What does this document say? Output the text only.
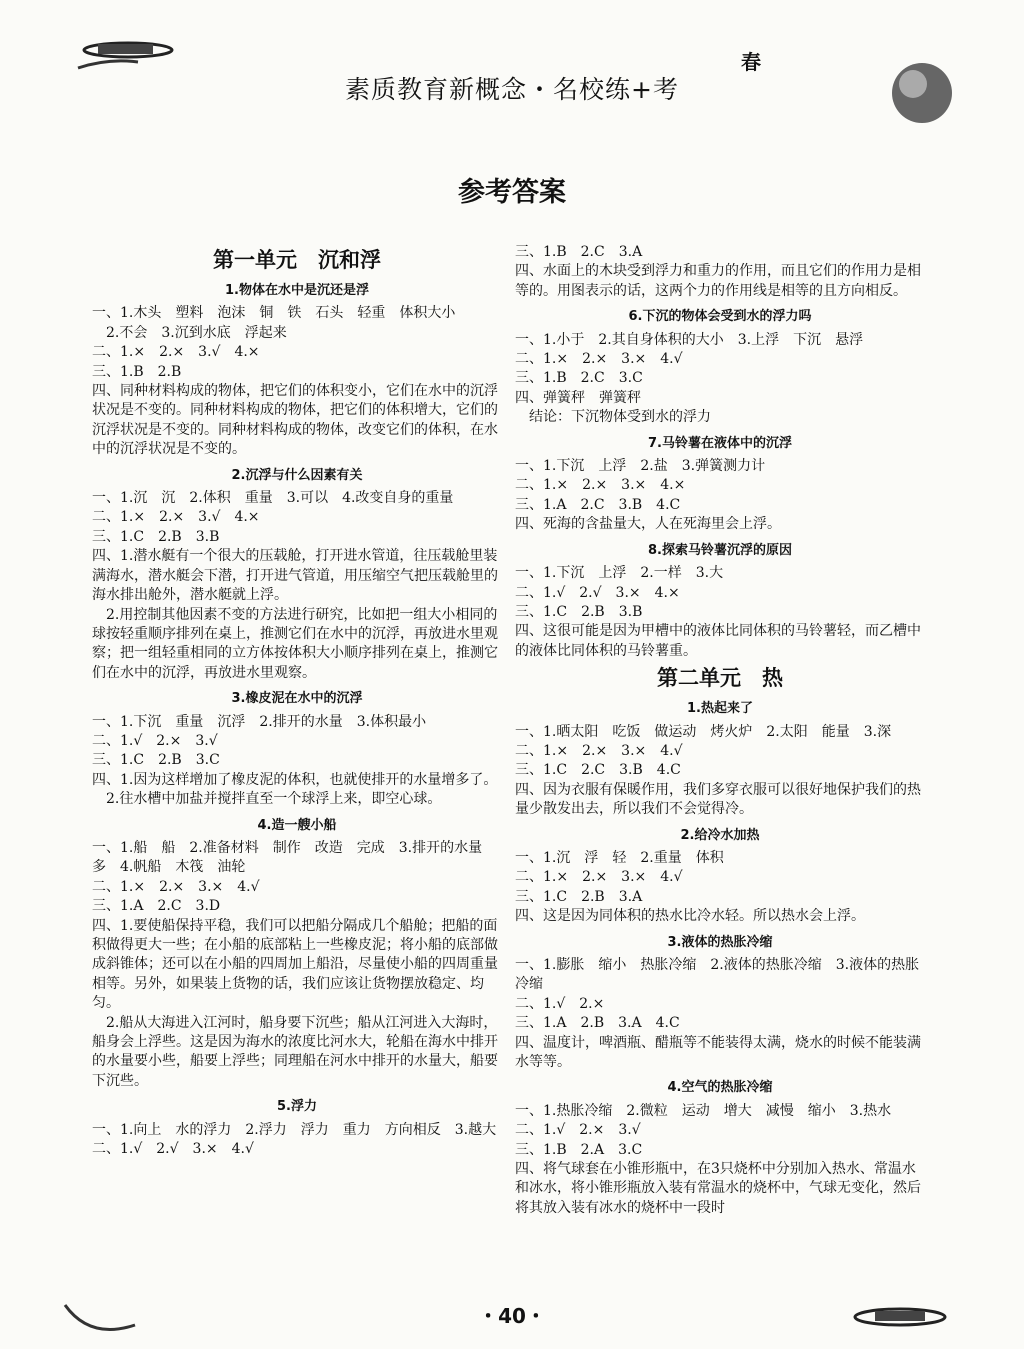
素质教育新概念・名校练+考
春
参考答案
第一单元　沉和浮
1.物体在水中是沉还是浮
一、1.木头　塑料　泡沫　铜　铁　石头　轻重　体积大小
　2.不会　3.沉到水底　浮起来
二、1.×　2.×　3.√　4.×
三、1.B　2.B
四、同种材料构成的物体，把它们的体积变小，它们在水中的沉浮状况是不变的。同种材料构成的物体，把它们的体积增大，它们的沉浮状况是不变的。同种材料构成的物体，改变它们的体积，在水中的沉浮状况是不变的。
2.沉浮与什么因素有关
一、1.沉　沉　2.体积　重量　3.可以　4.改变自身的重量
二、1.×　2.×　3.√　4.×
三、1.C　2.B　3.B
四、1.潜水艇有一个很大的压载舱，打开进水管道，往压载舱里装满海水，潜水艇会下潜，打开进气管道，用压缩空气把压载舱里的海水排出舱外，潜水艇就上浮。
　2.用控制其他因素不变的方法进行研究，比如把一组大小相同的球按轻重顺序排列在桌上，推测它们在水中的沉浮，再放进水里观察；把一组轻重相同的立方体按体积大小顺序排列在桌上，推测它们在水中的沉浮，再放进水里观察。
3.橡皮泥在水中的沉浮
一、1.下沉　重量　沉浮　2.排开的水量　3.体积最小
二、1.√　2.×　3.√
三、1.C　2.B　3.C
四、1.因为这样增加了橡皮泥的体积，也就使排开的水量增多了。
　2.往水槽中加盐并搅拌直至一个球浮上来，即空心球。
4.造一艘小船
一、1.船　船　2.准备材料　制作　改造　完成　3.排开的水量　多　4.帆船　木筏　油轮
二、1.×　2.×　3.×　4.√
三、1.A　2.C　3.D
四、1.要使船保持平稳，我们可以把船分隔成几个船舱；把船的面积做得更大一些；在小船的底部粘上一些橡皮泥；将小船的底部做成斜锥体；还可以在小船的四周加上船沿，尽量使小船的四周重量相等。另外，如果装上货物的话，我们应该让货物摆放稳定、均匀。
　2.船从大海进入江河时，船身要下沉些；船从江河进入大海时，船身会上浮些。这是因为海水的浓度比河水大，轮船在海水中排开的水量要小些，船要上浮些；同理船在河水中排开的水量大，船要下沉些。
5.浮力
一、1.向上　水的浮力　2.浮力　浮力　重力　方向相反　3.越大
二、1.√　2.√　3.×　4.√
三、1.B　2.C　3.A
四、水面上的木块受到浮力和重力的作用，而且它们的作用力是相等的。用图表示的话，这两个力的作用线是相等的且方向相反。
6.下沉的物体会受到水的浮力吗
一、1.小于　2.其自身体积的大小　3.上浮　下沉　悬浮
二、1.×　2.×　3.×　4.√
三、1.B　2.C　3.C
四、弹簧秤　弹簧秤
　结论：下沉物体受到水的浮力
7.马铃薯在液体中的沉浮
一、1.下沉　上浮　2.盐　3.弹簧测力计
二、1.×　2.×　3.×　4.×
三、1.A　2.C　3.B　4.C
四、死海的含盐量大，人在死海里会上浮。
8.探索马铃薯沉浮的原因
一、1.下沉　上浮　2.一样　3.大
二、1.√　2.√　3.×　4.×
三、1.C　2.B　3.B
四、这很可能是因为甲槽中的液体比同体积的马铃薯轻，而乙槽中的液体比同体积的马铃薯重。
第二单元　热
1.热起来了
一、1.晒太阳　吃饭　做运动　烤火炉　2.太阳　能量　3.深
二、1.×　2.×　3.×　4.√
三、1.C　2.C　3.B　4.C
四、因为衣服有保暖作用，我们多穿衣服可以很好地保护我们的热量少散发出去，所以我们不会觉得冷。
2.给冷水加热
一、1.沉　浮　轻　2.重量　体积
二、1.×　2.×　3.×　4.√
三、1.C　2.B　3.A
四、这是因为同体积的热水比冷水轻。所以热水会上浮。
3.液体的热胀冷缩
一、1.膨胀　缩小　热胀冷缩　2.液体的热胀冷缩　3.液体的热胀冷缩
二、1.√　2.×
三、1.A　2.B　3.A　4.C
四、温度计，啤酒瓶、醋瓶等不能装得太满，烧水的时候不能装满水等等。
4.空气的热胀冷缩
一、1.热胀冷缩　2.微粒　运动　增大　减慢　缩小　3.热水
二、1.√　2.×　3.√
三、1.B　2.A　3.C
四、将气球套在小锥形瓶中，在3只烧杯中分别加入热水、常温水和冰水，将小锥形瓶放入装有常温水的烧杯中，气球无变化，然后将其放入装有冰水的烧杯中一段时
・40・
